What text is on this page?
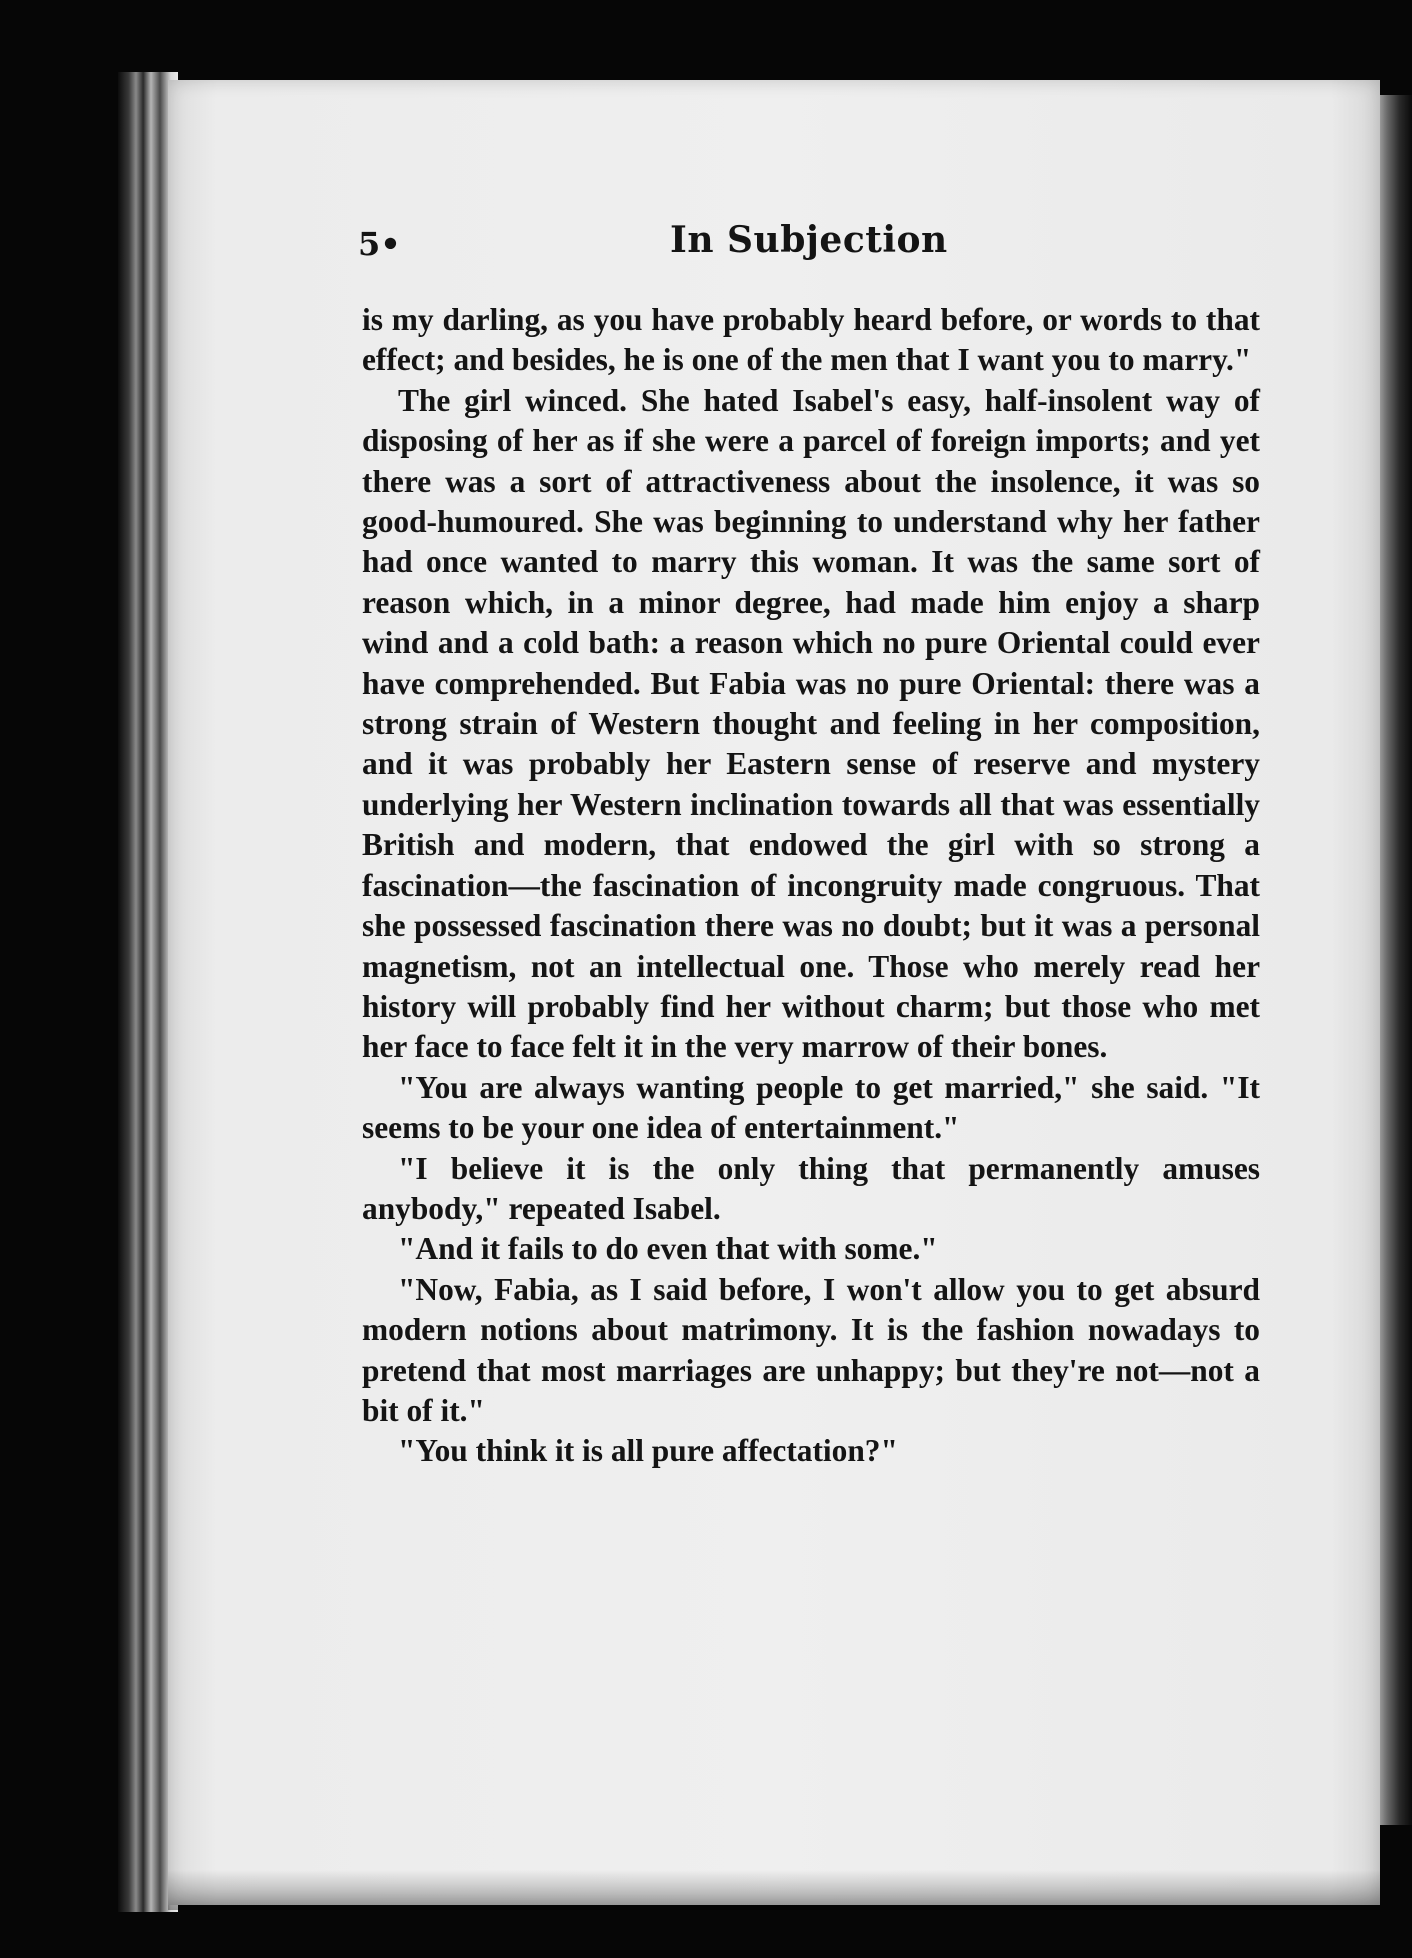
5•	In Subjection

is my darling, as you have probably heard before, or words to that effect; and besides, he is one of the men that I want you to marry."

The girl winced. She hated Isabel's easy, half-insolent way of disposing of her as if she were a parcel of foreign imports; and yet there was a sort of attractiveness about the insolence, it was so good-humoured. She was beginning to understand why her father had once wanted to marry this woman. It was the same sort of reason which, in a minor degree, had made him enjoy a sharp wind and a cold bath: a reason which no pure Oriental could ever have comprehended. But Fabia was no pure Oriental: there was a strong strain of Western thought and feeling in her composition, and it was probably her Eastern sense of reserve and mystery underlying her Western inclination towards all that was essentially British and modern, that endowed the girl with so strong a fascination—the fascination of incongruity made congruous. That she possessed fascination there was no doubt; but it was a personal magnetism, not an intellectual one. Those who merely read her history will probably find her without charm; but those who met her face to face felt it in the very marrow of their bones.

"You are always wanting people to get married," she said. "It seems to be your one idea of entertainment."

"I believe it is the only thing that permanently amuses anybody," repeated Isabel.

"And it fails to do even that with some."

"Now, Fabia, as I said before, I won't allow you to get absurd modern notions about matrimony. It is the fashion nowadays to pretend that most marriages are unhappy; but they're not—not a bit of it."

"You think it is all pure affectation?"
